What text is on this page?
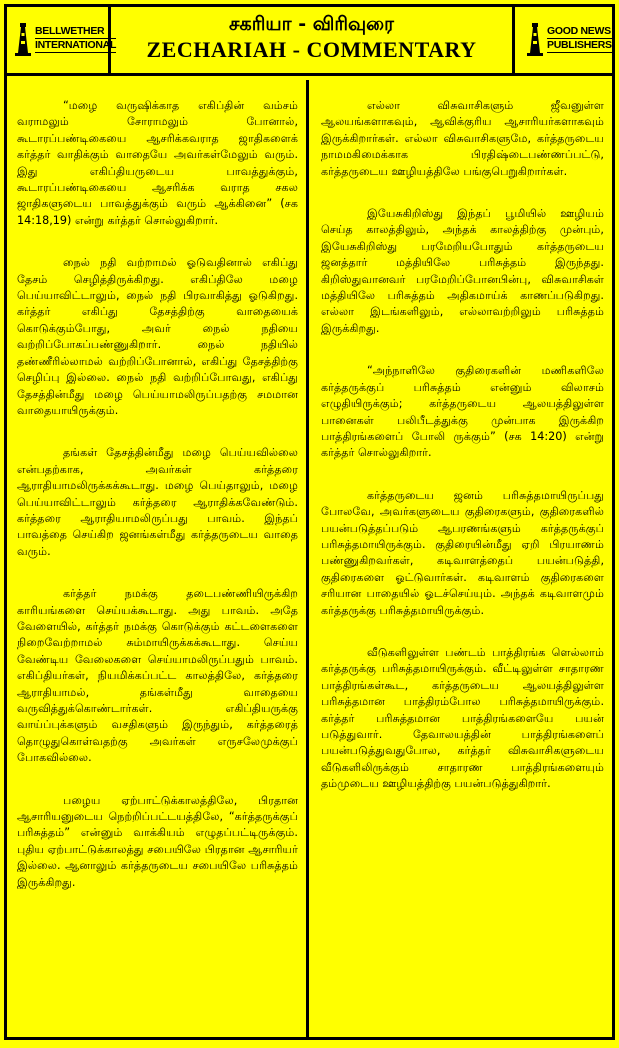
BELLWETHER
INTERNATIONAL
சகரியா - விரிவுரை
ZECHARIAH - COMMENTARY
GOOD NEWS
PUBLISHERS

“மழை வருஷிக்காத எகிப்தின் வம்சம் வராமலும் சோராமலும் போனால், கூடாரப்பண்டிகையை ஆசரிக்கவராத ஜாதிகளைக் கர்த்தர் வாதிக்கும் வாதையே அவர்கள்மேலும் வரும். இது எகிப்தியருடைய பாவத்துக்கும், கூடாரப்பண்டிகையை ஆசரிக்க வராத சகல ஜாதிகளுடைய பாவத்துக்கும் வரும் ஆக்கினை” (சக 14:18,19) என்று கர்த்தர் சொல்லுகிறார்.

நைல் நதி வற்றாமல் ஓடுவதினால் எகிப்து தேசம் செழித்திருக்கிறது. எகிப்திலே மழை பெய்யாவிட்டாலும், நைல் நதி பிரவாகித்து ஓடுகிறது. கர்த்தர் எகிப்து தேசத்திற்கு வாதையைக் கொடுக்கும்போது, அவர் நைல் நதியை வற்றிப்போகப்பண்ணுகிறார். நைல் நதியில் தண்ணீரில்லாமல் வற்றிப்போனால், எகிப்து தேசத்திற்கு செழிப்பு இல்லை. நைல் நதி வற்றிப்போவது, எகிப்து தேசத்தின்மீது மழை பெய்யாமலிருப்பதற்கு சமமான வாதையாயிருக்கும்.

தங்கள் தேசத்தின்மீது மழை பெய்யவில்லை என்பதற்காக, அவர்கள் கர்த்தரை ஆராதியாமலிருக்கக்கூடாது. மழை பெய்தாலும், மழை பெய்யாவிட்டாலும் கர்த்தரை ஆராதிக்கவேண்டும். கர்த்தரை ஆராதியாமலிருப்பது பாவம். இந்தப் பாவத்தை செய்கிற ஜனங்கள்மீது கர்த்தருடைய வாதை வரும்.

கர்த்தர் நமக்கு தடைபண்ணியிருக்கிற காரியங்களை செய்யக்கூடாது. அது பாவம். அதே வேளையில், கர்த்தர் நமக்கு கொடுக்கும் கட்டளைகளை நிறைவேற்றாமல் சும்மாயிருக்கக்கூடாது. செய்ய வேண்டிய வேலைகளை செய்யாமலிருப்பதும் பாவம். எகிப்தியர்கள், நியமிக்கப்பட்ட காலத்திலே, கர்த்தரை ஆராதியாமல், தங்கள்மீது வாதையை வருவித்துக்கொண்டார்கள். எகிப்தியருக்கு வாய்ப்புக்களும் வசதிகளும் இருந்தும், கர்த்தரைத் தொழுதுகொள்வதற்கு அவர்கள் எருசலேமுக்குப் போகவில்லை.

பழைய ஏற்பாட்டுக்காலத்திலே, பிரதான ஆசாரியனுடைய நெற்றிப்பட்டயத்திலே, “கர்த்தருக்குப் பரிசுத்தம்” என்னும் வாக்கியம் எழுதப்பட்டிருக்கும். புதிய ஏற்பாட்டுக்காலத்து சபையிலே பிரதான ஆசாரியர் இல்லை. ஆனாலும் கர்த்தருடைய சபையிலே பரிசுத்தம் இருக்கிறது.

எல்லா விசுவாசிகளும் ஜீவனுள்ள ஆலயங்களாகவும், ஆவிக்குரிய ஆசாரியர்களாகவும் இருக்கிறார்கள். எல்லா விசுவாசிகளுமே, கர்த்தருடைய நாமமகிமைக்காக பிரதிஷ்டைபண்ணப்பட்டு, கர்த்தருடைய ஊழியத்திலே பங்குபெறுகிறார்கள்.

இயேசுகிறிஸ்து இந்தப் பூமியில் ஊழியம் செய்த காலத்திலும், அந்தக் காலத்திற்கு முன்பும், இயேசுகிறிஸ்து பரமேறியபோதும் கர்த்தருடைய ஜனத்தார் மத்தியிலே பரிசுத்தம் இருந்தது. கிறிஸ்துவானவர் பரமேறிப்போனபின்பு, விசுவாசிகள் மத்தியிலே பரிசுத்தம் அதிகமாய்க் காணப்படுகிறது. எல்லா இடங்களிலும், எல்லாவற்றிலும் பரிசுத்தம் இருக்கிறது.

“அந்நாளிலே குதிரைகளின் மணிகளிலே கர்த்தருக்குப் பரிசுத்தம் என்னும் விலாசம் எழுதியிருக்கும்; கர்த்தருடைய ஆலயத்திலுள்ள பானைகள் பலிபீடத்துக்கு முன்பாக இருக்கிற பாத்திரங்களைப் போலி ருக்கும்” (சக 14:20) என்று கர்த்தர் சொல்லுகிறார்.

கர்த்தருடைய ஜனம் பரிசுத்தமாயிருப்பது போலவே, அவர்களுடைய குதிரைகளும், குதிரைகளில் பயன்படுத்தப்படும் ஆபரணங்களும் கர்த்தருக்குப் பரிசுத்தமாயிருக்கும். குதிரையின்மீது ஏறி பிரயாணம் பண்ணுகிறவர்கள், கடிவாளத்தைப் பயன்படுத்தி, குதிரைகளை ஓட்டுவார்கள். கடிவாளம் குதிரைகளை சரியான பாதையில் ஓடச்செய்யும். அந்தக் கடிவாளமும் கர்த்தருக்கு பரிசுத்தமாயிருக்கும்.

வீடுகளிலுள்ள பண்டம் பாத்திரங்க ளெல்லாம் கர்த்தருக்கு பரிசுத்தமாயிருக்கும். வீட்டிலுள்ள சாதாரண பாத்திரங்கள்கூட, கர்த்தருடைய ஆலயத்திலுள்ள பரிசுத்தமான பாத்திரம்போல பரிசுத்தமாயிருக்கும். கர்த்தர் பரிசுத்தமான பாத்திரங்களையே பயன் படுத்துவார். தேவாலயத்தின் பாத்திரங்களைப் பயன்படுத்துவதுபோல, கர்த்தர் விசுவாசிகளுடைய வீடுகளிலிருக்கும் சாதாரண பாத்திரங்களையும் தம்முடைய ஊழியத்திற்கு பயன்படுத்துகிறார்.
